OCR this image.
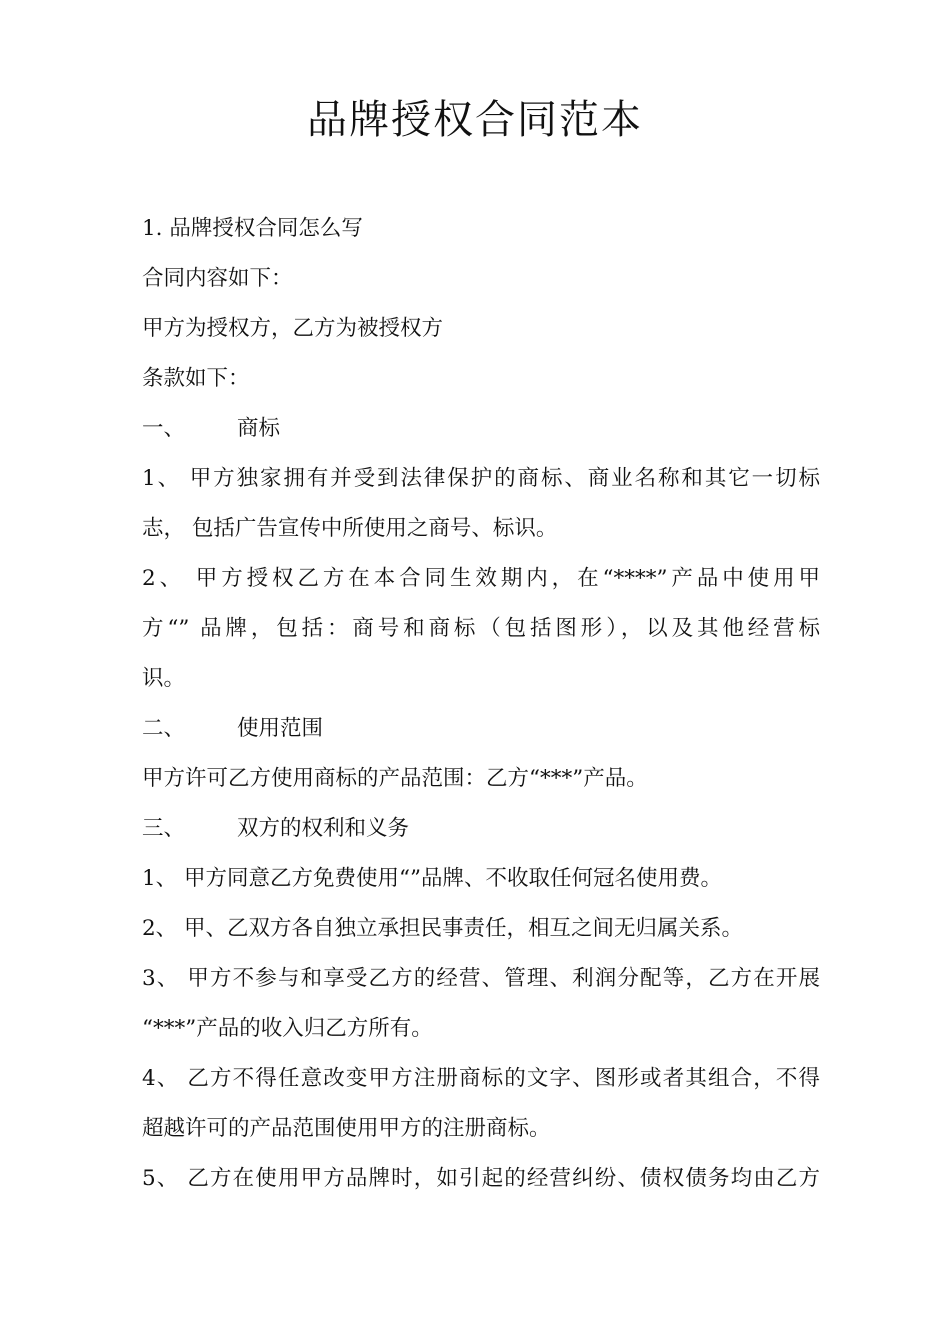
品牌授权合同范本
1. 品牌授权合同怎么写
合同内容如下：
甲方为授权方，乙方为被授权方
条款如下：
一、 商标
1、 甲方独家拥有并受到法律保护的商标、商业名称和其它一切标
志， 包括广告宣传中所使用之商号、标识。
2、 甲方授权乙方在本合同生效期内，在“****”产品中使用甲
方“” 品牌，包括：商号和商标（包括图形），以及其他经营标
识。
二、 使用范围
甲方许可乙方使用商标的产品范围：乙方“***”产品。
三、 双方的权利和义务
1、 甲方同意乙方免费使用“”品牌、不收取任何冠名使用费。
2、 甲、乙双方各自独立承担民事责任，相互之间无归属关系。
3、 甲方不参与和享受乙方的经营、管理、利润分配等，乙方在开展
“***”产品的收入归乙方所有。
4、 乙方不得任意改变甲方注册商标的文字、图形或者其组合，不得
超越许可的产品范围使用甲方的注册商标。
5、 乙方在使用甲方品牌时，如引起的经营纠纷、债权债务均由乙方
